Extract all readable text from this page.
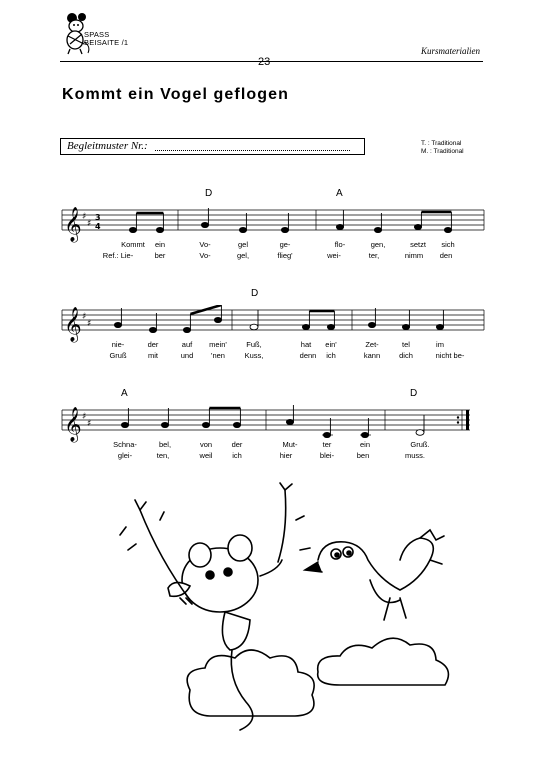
SPASS
BEISAITE /1
Kursmaterialien
23
Kommt ein Vogel geflogen
Begleitmuster Nr.:	T. : Traditional
M. : Traditional
𝄞 ♯
♯
3
4
𝄞 ♯
♯
𝄞 ♯
♯
D	A
Kommt ein	Vo-	gel	ge-	flo-	gen,	setzt sich
Ref.: Lie-	ber	Vo-	gel,	flieg'	wei-	ter,	nimm den
D
nie-	der	auf mein'	Fuß,	hat ein'	Zet-	tel	im
Gruß	mit	und 'nen	Kuss,	denn ich	kann	dich	nicht be-
A	D
Schna-	bel,	von	der	Mut-	ter	ein	Gruß.
glei-	ten,	weil	ich	hier	blei-	ben	muss.
